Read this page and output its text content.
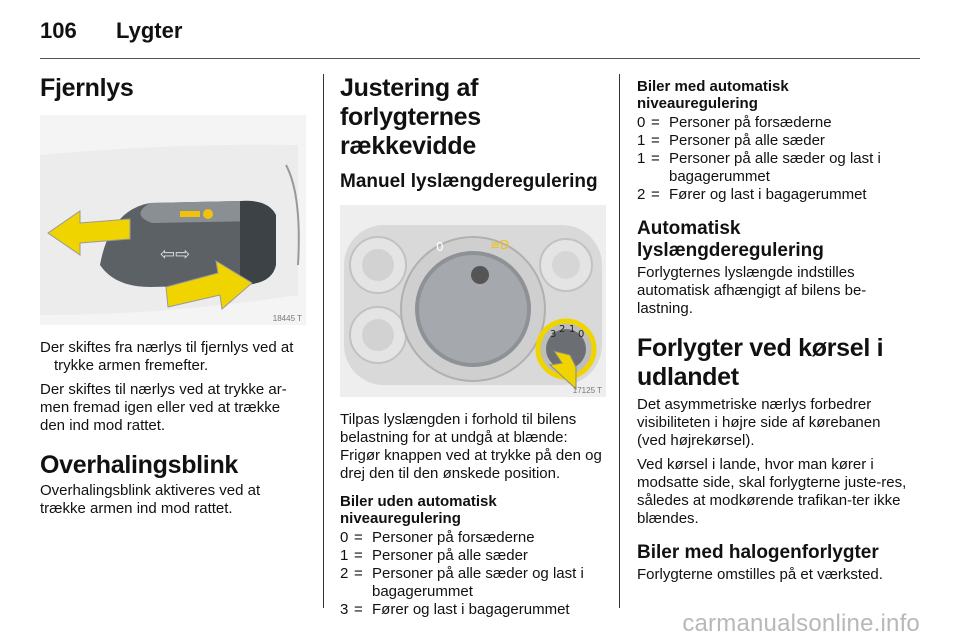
106 Lygter
Fjernlys
⇦⇨
18445 T

Der skiftes fra nærlys til fjernlys ved at trykke armen fremefter.

Der skiftes til nærlys ved at trykke ar-men fremad igen eller ved at trække den ind mod rattet.

Overhalingsblink

Overhalingsblink aktiveres ved at trække armen ind mod rattet.

Justering af forlygternes rækkevidde
Manuel lyslængderegulering
0	≡D
3 2 1 0
17125 T

Tilpas lyslængden i forhold til bilens belastning for at undgå at blænde: Frigør knappen ved at trykke på den og drej den til den ønskede position.

Biler uden automatisk niveauregulering
0 = Personer på forsæderne
1 = Personer på alle sæder
2 = Personer på alle sæder og last i bagagerummet
3 = Fører og last i bagagerummet
Biler med automatisk niveauregulering
0 = Personer på forsæderne
1 = Personer på alle sæder
1 = Personer på alle sæder og last i bagagerummet
2 = Fører og last i bagagerummet
Automatisk lyslængderegulering

Forlygternes lyslængde indstilles automatisk afhængigt af bilens be-lastning.

Forlygter ved kørsel i udlandet

Det asymmetriske nærlys forbedrer visibiliteten i højre side af kørebanen (ved højrekørsel).

Ved kørsel i lande, hvor man kører i modsatte side, skal forlygterne juste-res, således at modkørende trafikan-ter ikke blændes.

Biler med halogenforlygter

Forlygterne omstilles på et værksted.

carmanualsonline.info
